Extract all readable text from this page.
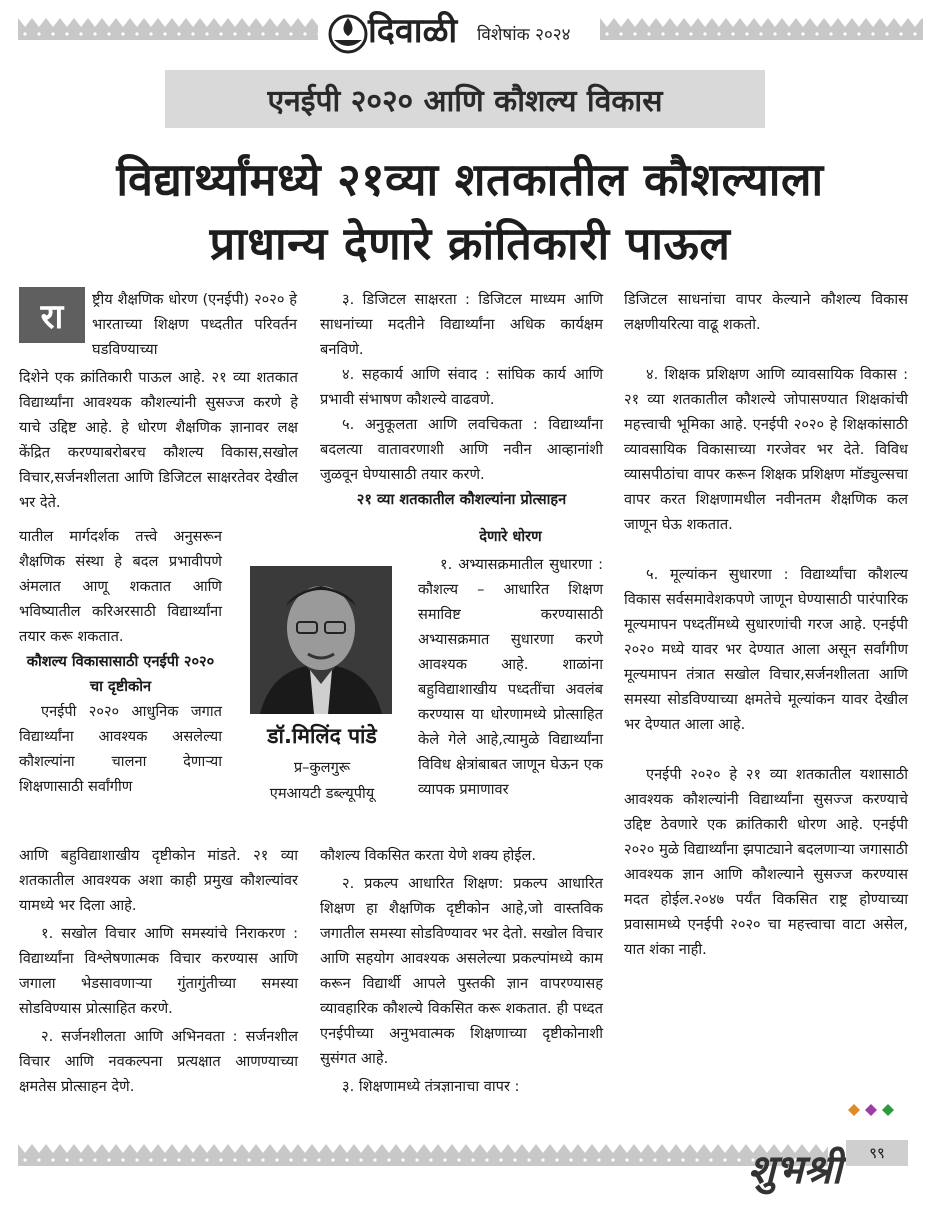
दिवाळी विशेषांक २०२४
एनईपी २०२० आणि कौशल्य विकास
विद्यार्थ्यांमध्ये २१व्या शतकातील कौशल्याला
प्राधान्य देणारे क्रांतिकारी पाऊल
रा	ष्ट्रीय शैक्षणिक धोरण (एनईपी) २०२० हे भारताच्या शिक्षण पध्दतीत परिवर्तन घडविण्याच्या

दिशेने एक क्रांतिकारी पाऊल आहे. २१ व्या शतकात विद्यार्थ्यांना आवश्यक कौशल्यांनी सुसज्ज करणे हे याचे उद्दिष्ट आहे. हे धोरण शैक्षणिक ज्ञानावर लक्ष केंद्रित करण्याबरोबरच कौशल्य विकास,सखोल विचार,सर्जनशीलता आणि डिजिटल साक्षरतेवर देखील भर देते.

यातील मार्गदर्शक तत्त्वे अनुसरून शैक्षणिक संस्था हे बदल प्रभावीपणे अंमलात आणू शकतात आणि भविष्यातील करिअरसाठी विद्यार्थ्यांना तयार करू शकतात.

कौशल्य विकासासाठी एनईपी २०२० चा दृष्टीकोन

एनईपी २०२० आधुनिक जगात विद्यार्थ्यांना आवश्यक असलेल्या कौशल्यांना चालना देणाऱ्या शिक्षणासाठी सर्वांगीण

आणि बहुविद्याशाखीय दृष्टीकोन मांडते. २१ व्या शतकातील आवश्यक अशा काही प्रमुख कौशल्यांवर यामध्ये भर दिला आहे.

१. सखोल विचार आणि समस्यांचे निराकरण : विद्यार्थ्यांना विश्लेषणात्मक विचार करण्यास आणि जगाला भेडसावणाऱ्या गुंतागुंतीच्या समस्या सोडविण्यास प्रोत्साहित करणे.

२. सर्जनशीलता आणि अभिनवता : सर्जनशील विचार आणि नवकल्पना प्रत्यक्षात आणण्याच्या क्षमतेस प्रोत्साहन देणे.

डॉ.मिलिंद पांडे
प्र–कुलगुरू
एमआयटी डब्ल्यूपीयू

३. डिजिटल साक्षरता : डिजिटल माध्यम आणि साधनांच्या मदतीने विद्यार्थ्यांना अधिक कार्यक्षम बनविणे.

४. सहकार्य आणि संवाद : सांघिक कार्य आणि प्रभावी संभाषण कौशल्ये वाढवणे.

५. अनुकूलता आणि लवचिकता : विद्यार्थ्यांना बदलत्या वातावरणाशी आणि नवीन आव्हानांशी जुळवून घेण्यासाठी तयार करणे.

२१ व्या शतकातील कौशल्यांना प्रोत्साहन

देणारे धोरण

१. अभ्यासक्रमातील सुधारणा : कौशल्य – आधारित शिक्षण समाविष्ट करण्यासाठी अभ्यासक्रमात सुधारणा करणे आवश्यक आहे. शाळांना बहुविद्याशाखीय पध्दतींचा अवलंब करण्यास या धोरणामध्ये प्रोत्साहित केले गेले आहे,त्यामुळे विद्यार्थ्यांना विविध क्षेत्रांबाबत जाणून घेऊन एक व्यापक प्रमाणावर

कौशल्य विकसित करता येणे शक्य होईल.

२. प्रकल्प आधारित शिक्षण: प्रकल्प आधारित शिक्षण हा शैक्षणिक दृष्टीकोन आहे,जो वास्तविक जगातील समस्या सोडविण्यावर भर देतो. सखोल विचार आणि सहयोग आवश्यक असलेल्या प्रकल्पांमध्ये काम करून विद्यार्थी आपले पुस्तकी ज्ञान वापरण्यासह व्यावहारिक कौशल्ये विकसित करू शकतात. ही पध्दत एनईपीच्या अनुभवात्मक शिक्षणाच्या दृष्टीकोनाशी सुसंगत आहे.

३. शिक्षणामध्ये तंत्रज्ञानाचा वापर :

डिजिटल साधनांचा वापर केल्याने कौशल्य विकास लक्षणीयरित्या वाढू शकतो.

४. शिक्षक प्रशिक्षण आणि व्यावसायिक विकास : २१ व्या शतकातील कौशल्ये जोपासण्यात शिक्षकांची महत्त्वाची भूमिका आहे. एनईपी २०२० हे शिक्षकांसाठी व्यावसायिक विकासाच्या गरजेवर भर देते. विविध व्यासपीठांचा वापर करून शिक्षक प्रशिक्षण मॉड्युल्सचा वापर करत शिक्षणामधील नवीनतम शैक्षणिक कल जाणून घेऊ शकतात.

५. मूल्यांकन सुधारणा : विद्यार्थ्यांचा कौशल्य विकास सर्वसमावेशकपणे जाणून घेण्यासाठी पारंपारिक मूल्यमापन पध्दतींमध्ये सुधारणांची गरज आहे. एनईपी २०२० मध्ये यावर भर देण्यात आला असून सर्वांगीण मूल्यमापन तंत्रात सखोल विचार,सर्जनशीलता आणि समस्या सोडविण्याच्या क्षमतेचे मूल्यांकन यावर देखील भर देण्यात आला आहे.

एनईपी २०२० हे २१ व्या शतकातील यशासाठी आवश्यक कौशल्यांनी विद्यार्थ्यांना सुसज्ज करण्याचे उद्दिष्ट ठेवणारे एक क्रांतिकारी धोरण आहे. एनईपी २०२० मुळे विद्यार्थ्यांना झपाट्याने बदलणाऱ्या जगासाठी आवश्यक ज्ञान आणि कौशल्याने सुसज्ज करण्यास मदत होईल.२०४७ पर्यंत विकसित राष्ट्र होण्याच्या प्रवासामध्ये एनईपी २०२० चा महत्त्वाचा वाटा असेल, यात शंका नाही.

शुभश्री	९९
